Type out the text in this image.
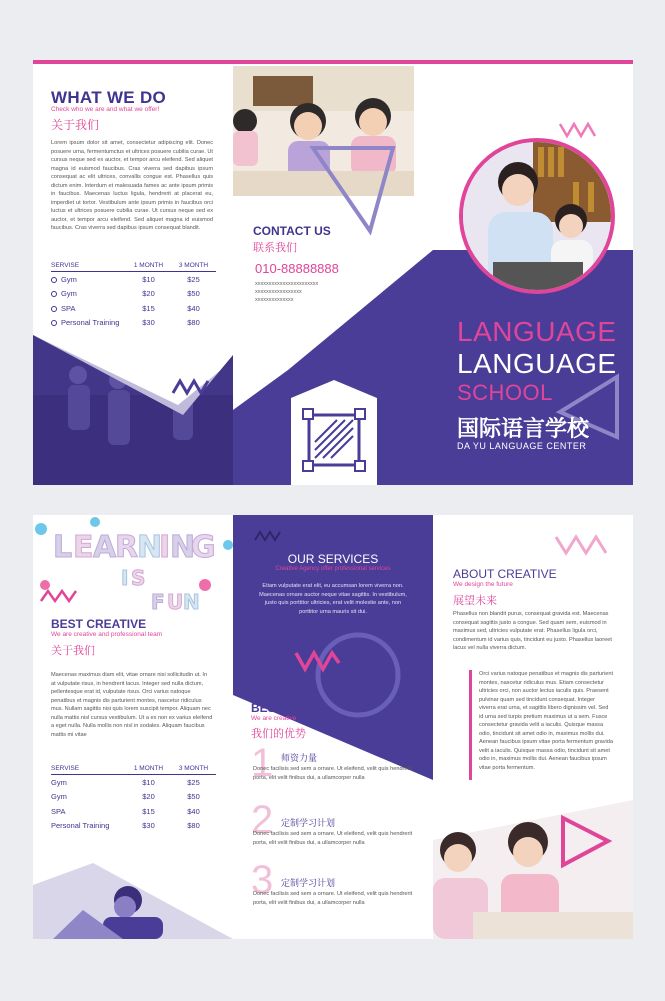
WHAT WE DO
Check who we are and what we offer!
关于我们
Lorem ipsum dolor sit amet, consectetur adipiscing elit. Donec posuere urna, fermentumctus et ultrices posuere cubilia curae. Ut cursus neque sed ex auctor, et tempor arcu eleifend. Sed aliquet magna id euismod faucibus. Cras viverra sed dapibus ipsum consequat ac elit ultrices, convallis congue est. Phasellus quis dictum enim. Interdum et malesuada fames ac ante ipsum primis in faucibus. Maecenas luctus ligula, hendrerit at placerat eu, imperdiet ut tortor. Vestibulum ante ipsum primis in faucibus orci luctus et ultrices posuere cubilia curae. Ut cursus neque sed ex auctor, et tempor arcu eleifend. Sed aliquet magna id euismod faucibus. Cras viverra sed dapibus ipsum consequat blandit.
SERVISE	1 MONTH	3 MONTH
Gym	$10	$25
Gym	$20	$50
SPA	$15	$40
Personal Training	$30	$80
CONTACT US
联系我们
010-88888888
xxxxxxxxxxxxxxxxxxxxxxx
xxxxxxxxxxxxxxxxx
xxxxxxxxxxxxxx
LANGUAGE
LANGUAGE
SCHOOL
国际语言学校
DA YU LANGUAGE CENTER
L E A
R
N
I N
G
I S
F U N
BEST CREATIVE
We are creative and professional team
关于我们
Maecenas maximus diam elit, vitae ornare nisi sollicitudin ut. In at vulputate risus, in hendrerit lacus. Integer sed nulla dictum, pellentesque erat id, vulputate risus. Orci varius natoque penatibus et magnis dis parturient montes, nascetur ridiculus mus. Nullam sagittis nisi quis lorem suscipit tempor. Aliquam nec nulla mattis nisl cursus vestibulum. Ut a ex non ex varius eleifend a eget nulla. Nulla mollis non nisl in sodales. Aliquam faucibus mattis mi vitae
SERVISE	1 MONTH	3 MONTH
Gym	$10	$25
Gym	$20	$50
SPA	$15	$40
Personal Training	$30	$80
OUR SERVICES
Creative Agency offer professional services
Etiam vulputate erat elit, eu accumsan lorem viverra non. Maecenas ornare auctor neque vitae sagittis. In vestibulum, justo quis porttitor ultricies, erat velit molestie ante, non porttitor urna mauris sit dui.
BEST
We are creative
我们的优势
1 师资力量
Donec facilisis sed sem a ornare. Ut eleifend, velit quis hendrerit porta, elit velit finibus dui, a ullamcorper nulla
2 定制学习计划
Donec facilisis sed sem a ornare. Ut eleifend, velit quis hendrerit porta, elit velit finibus dui, a ullamcorper nulla
3 定制学习计划
Donec facilisis sed sem a ornare. Ut eleifend, velit quis hendrerit porta, elit velit finibus dui, a ullamcorper nulla
ABOUT CREATIVE
We design the future
展望未来
Phasellus non blandit purus, consequat gravida est. Maecenas consequat sagittis justo a congue. Sed quam sem, euismod in maximus sed, ultricies vulputate erat. Phasellus ligula orci, condimentum id varius quis, tincidunt eu justo. Phasellus laoreet lacus vel nulla viverra dictum.
Orci varius natoque penatibus et magnis dis parturient montes, nascetur ridiculus mus. Etiam consectetur ultricies orci, non auctor lectus iaculis quis. Praesent pulvinar quam sed tincidunt consequat. Integer viverra erat urna, et sagittis libero dignissim vel. Sed id urna sed turpis pretium maximus ut a sem. Fusce consectetur gravida velit a iaculis. Quisque massa odio, tincidunt sit amet odio in, maximus mollis dui. Aenean faucibus ipsum vitae porta fermentum gravida velit a iaculis. Quisque massa odio, tincidunt sit amet odio in, maximus mollis dui. Aenean faucibus ipsum vitae porta fermentum.
